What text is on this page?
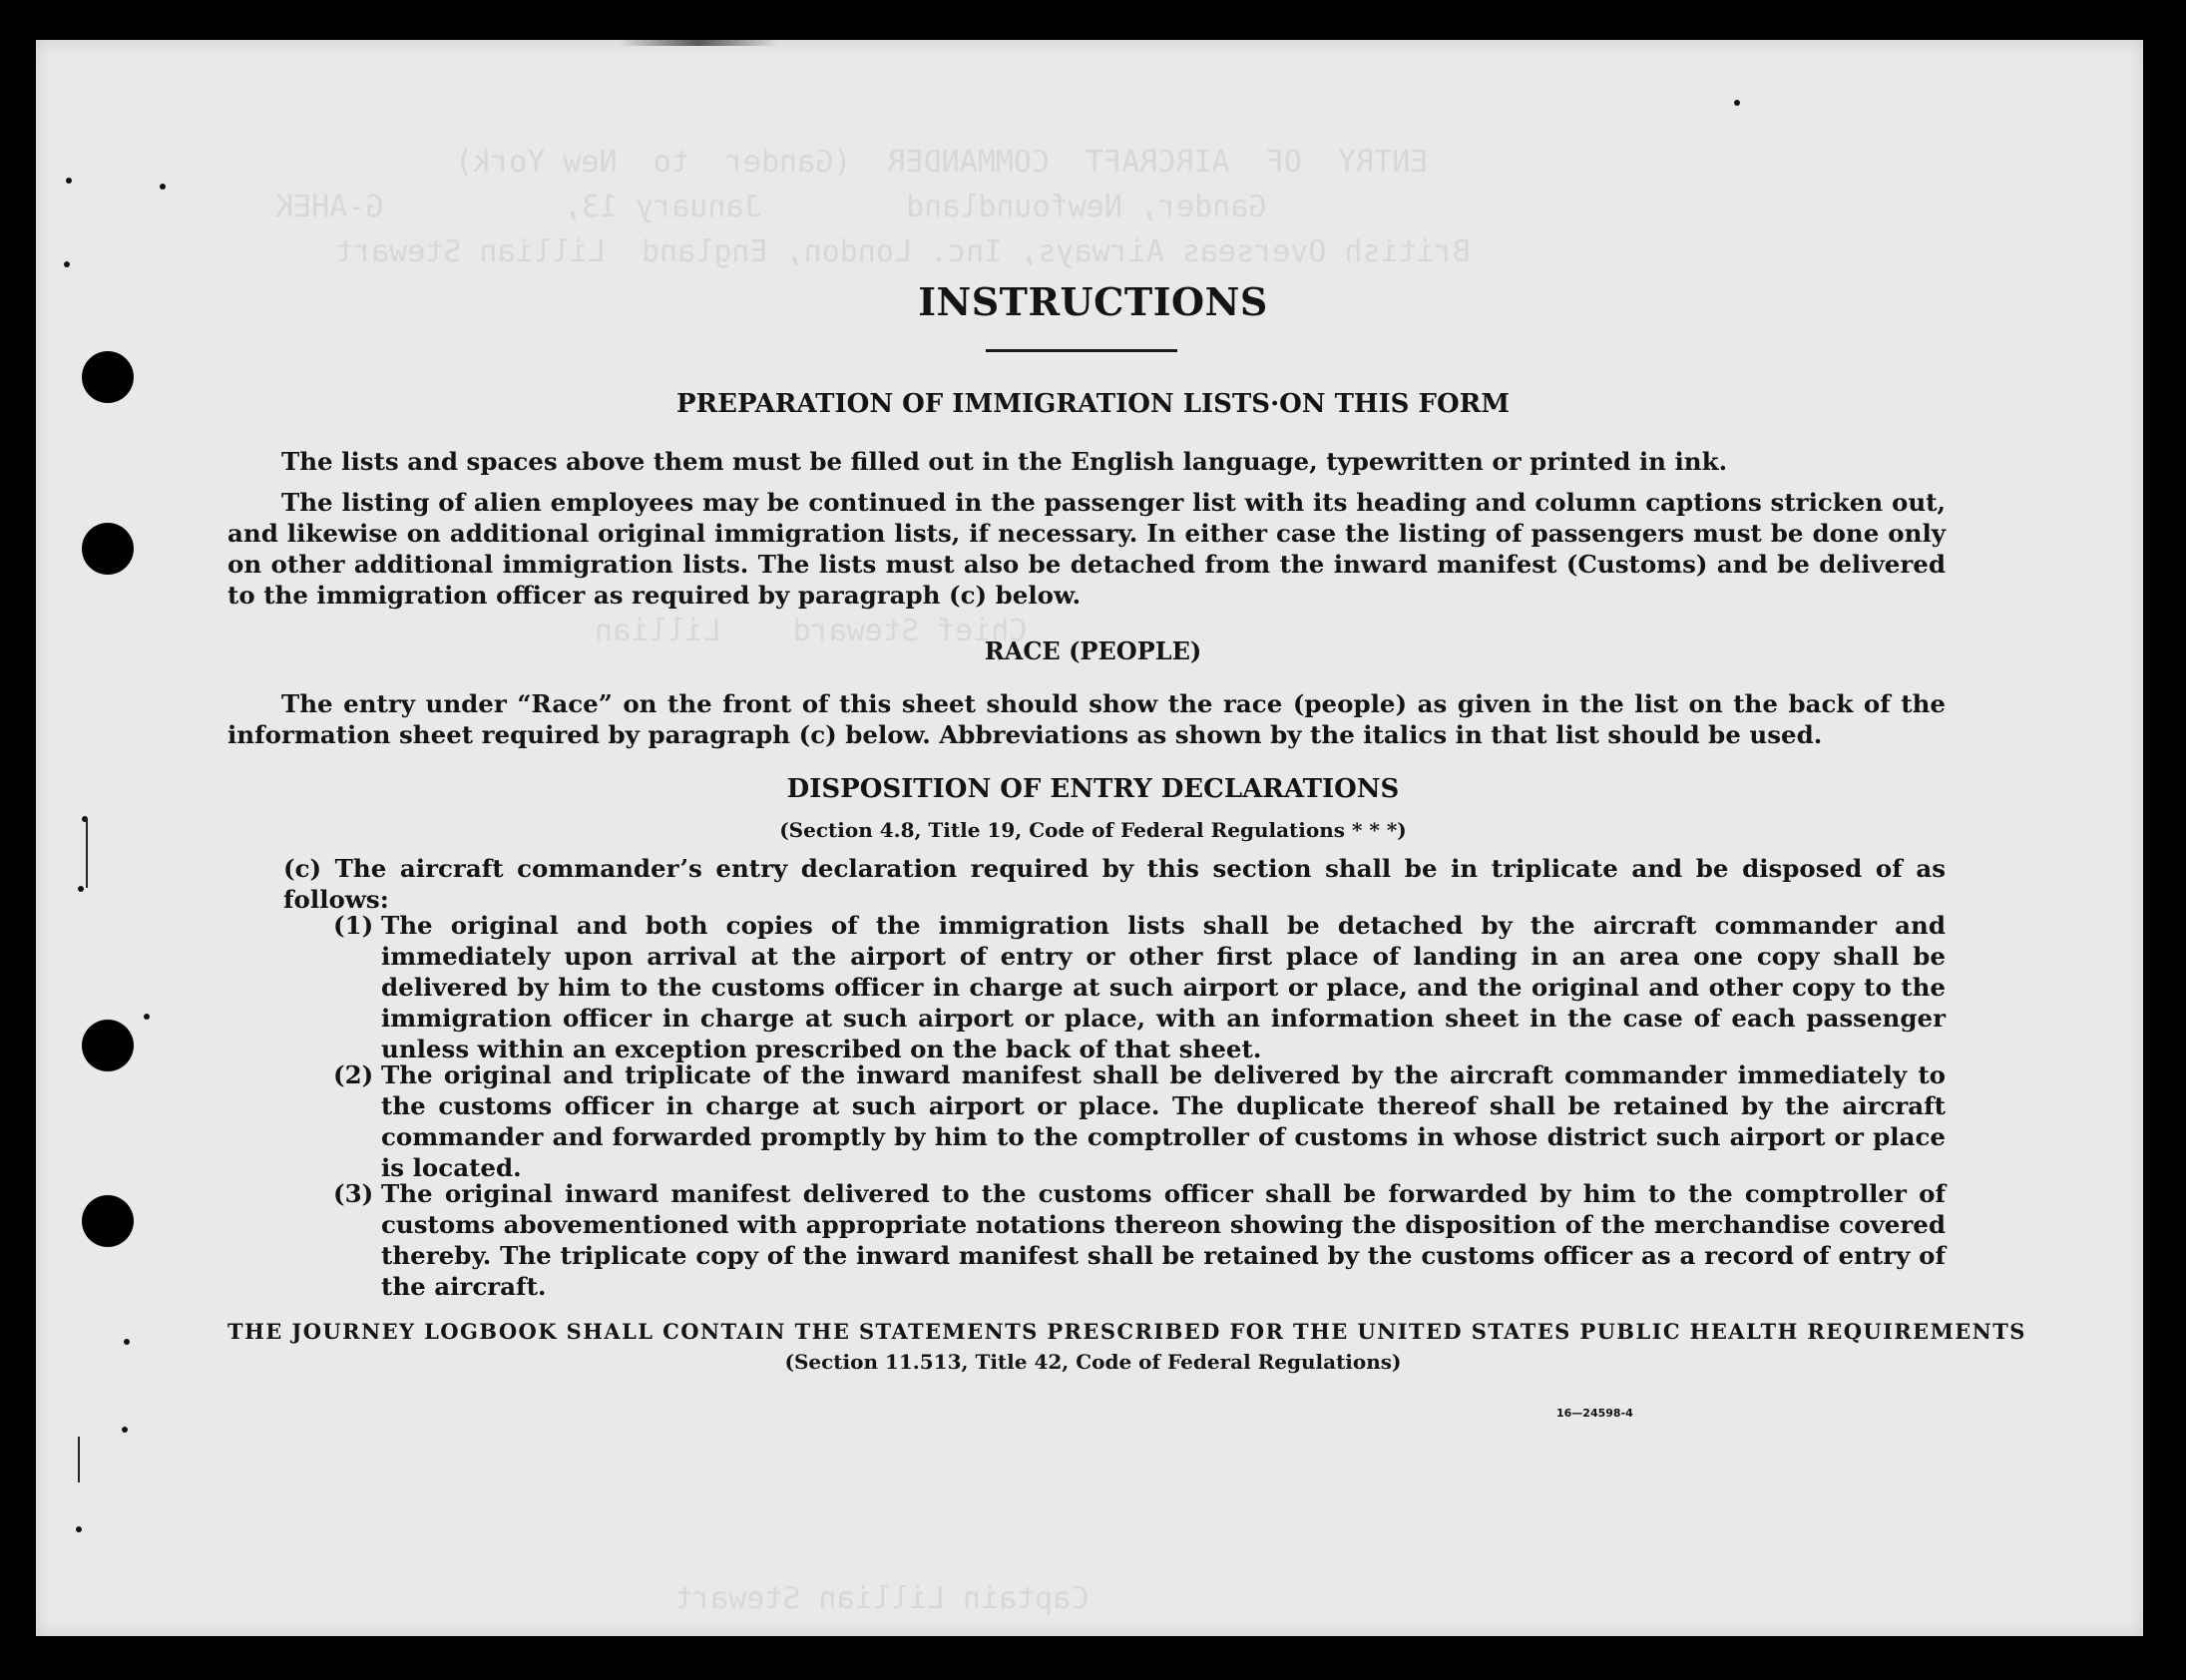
ENTRY  OF  AIRCRAFT  COMMANDER  (Gander  to  New York)
Gander, Newfoundland        January 13,          G-AHEK
British Overseas Airways, Inc. London, England  Lillian Stewart
Chief Steward    Lillian
Captain Lillian Stewart
INSTRUCTIONS
PREPARATION OF IMMIGRATION LISTS·ON THIS FORM
The lists and spaces above them must be filled out in the English language, typewritten or printed in ink.
The listing of alien employees may be continued in the passenger list with its heading and column captions stricken out, and likewise on additional original immigration lists, if necessary. In either case the listing of passengers must be done only on other additional immigration lists. The lists must also be detached from the inward manifest (Customs) and be delivered to the immigration officer as required by paragraph (c) below.
RACE (PEOPLE)
The entry under “Race” on the front of this sheet should show the race (people) as given in the list on the back of the information sheet required by paragraph (c) below. Abbreviations as shown by the italics in that list should be used.
DISPOSITION OF ENTRY DECLARATIONS
(Section 4.8, Title 19, Code of Federal Regulations * * *)
(c) The aircraft commander’s entry declaration required by this section shall be in triplicate and be disposed of as follows:
(1) The original and both copies of the immigration lists shall be detached by the aircraft commander and immediately upon arrival at the airport of entry or other first place of landing in an area one copy shall be delivered by him to the customs officer in charge at such airport or place, and the original and other copy to the immigration officer in charge at such airport or place, with an information sheet in the case of each passenger unless within an exception prescribed on the back of that sheet.
(2) The original and triplicate of the inward manifest shall be delivered by the aircraft commander immediately to the customs officer in charge at such airport or place. The duplicate thereof shall be retained by the aircraft commander and forwarded promptly by him to the comptroller of customs in whose district such airport or place is located.
(3) The original inward manifest delivered to the customs officer shall be forwarded by him to the comptroller of customs abovementioned with appropriate notations thereon showing the disposition of the merchandise covered thereby. The triplicate copy of the inward manifest shall be retained by the customs officer as a record of entry of the aircraft.
THE JOURNEY LOGBOOK SHALL CONTAIN THE STATEMENTS PRESCRIBED FOR THE UNITED STATES PUBLIC HEALTH REQUIREMENTS
(Section 11.513, Title 42, Code of Federal Regulations)
16—24598-4
